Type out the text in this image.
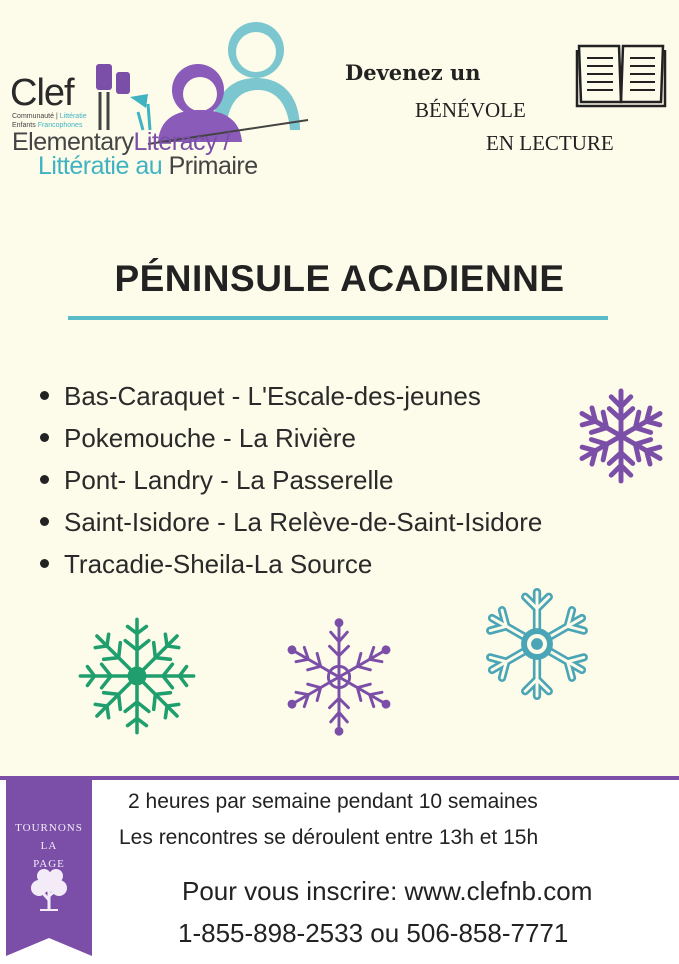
Clef
Communauté | Littératie
Enfants Francophones
ElementaryLiteracy /
Littératie au Primaire
Devenez un
BÉNÉVOLE
EN LECTURE
PÉNINSULE ACADIENNE
Bas-Caraquet - L'Escale-des-jeunes
Pokemouche - La Rivière
Pont- Landry - La Passerelle
Saint-Isidore - La Relève-de-Saint-Isidore
Tracadie-Sheila-La Source
TOURNONS
LA
PAGE
2 heures par semaine pendant 10 semaines
Les rencontres se déroulent entre 13h et 15h
Pour vous inscrire: www.clefnb.com
1-855-898-2533 ou 506-858-7771
